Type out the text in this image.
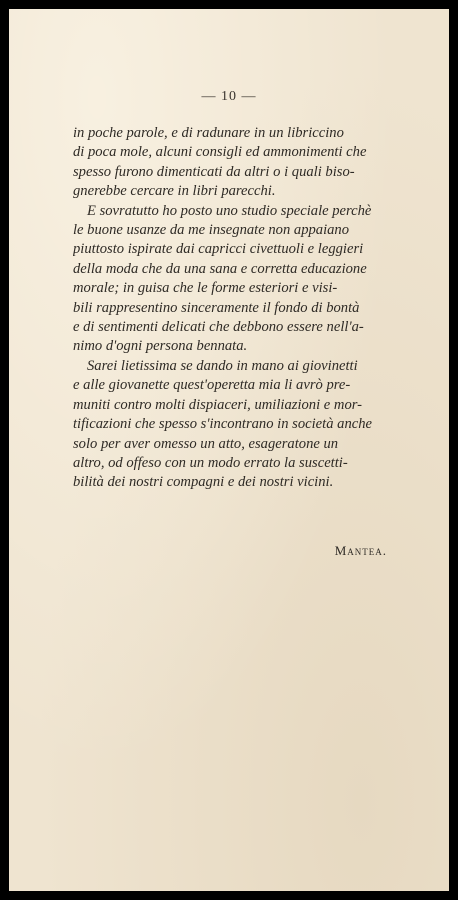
— 10 —
in poche parole, e di radunare in un libriccino
di poca mole, alcuni consigli ed ammonimenti che
spesso furono dimenticati da altri o i quali biso-
gnerebbe cercare in libri parecchi.
E sovratutto ho posto uno studio speciale perchè
le buone usanze da me insegnate non appaiano
piuttosto ispirate dai capricci civettuoli e leggieri
della moda che da una sana e corretta educazione
morale; in guisa che le forme esteriori e visi-
bili rappresentino sinceramente il fondo di bontà
e di sentimenti delicati che debbono essere nell'a-
nimo d'ogni persona bennata.
Sarei lietissima se dando in mano ai giovinetti
e alle giovanette quest'operetta mia li avrò pre-
muniti contro molti dispiaceri, umiliazioni e mor-
tificazioni che spesso s'incontrano in società anche
solo per aver omesso un atto, esageratone un
altro, od offeso con un modo errato la suscetti-
bilità dei nostri compagni e dei nostri vicini.
Mantea.
